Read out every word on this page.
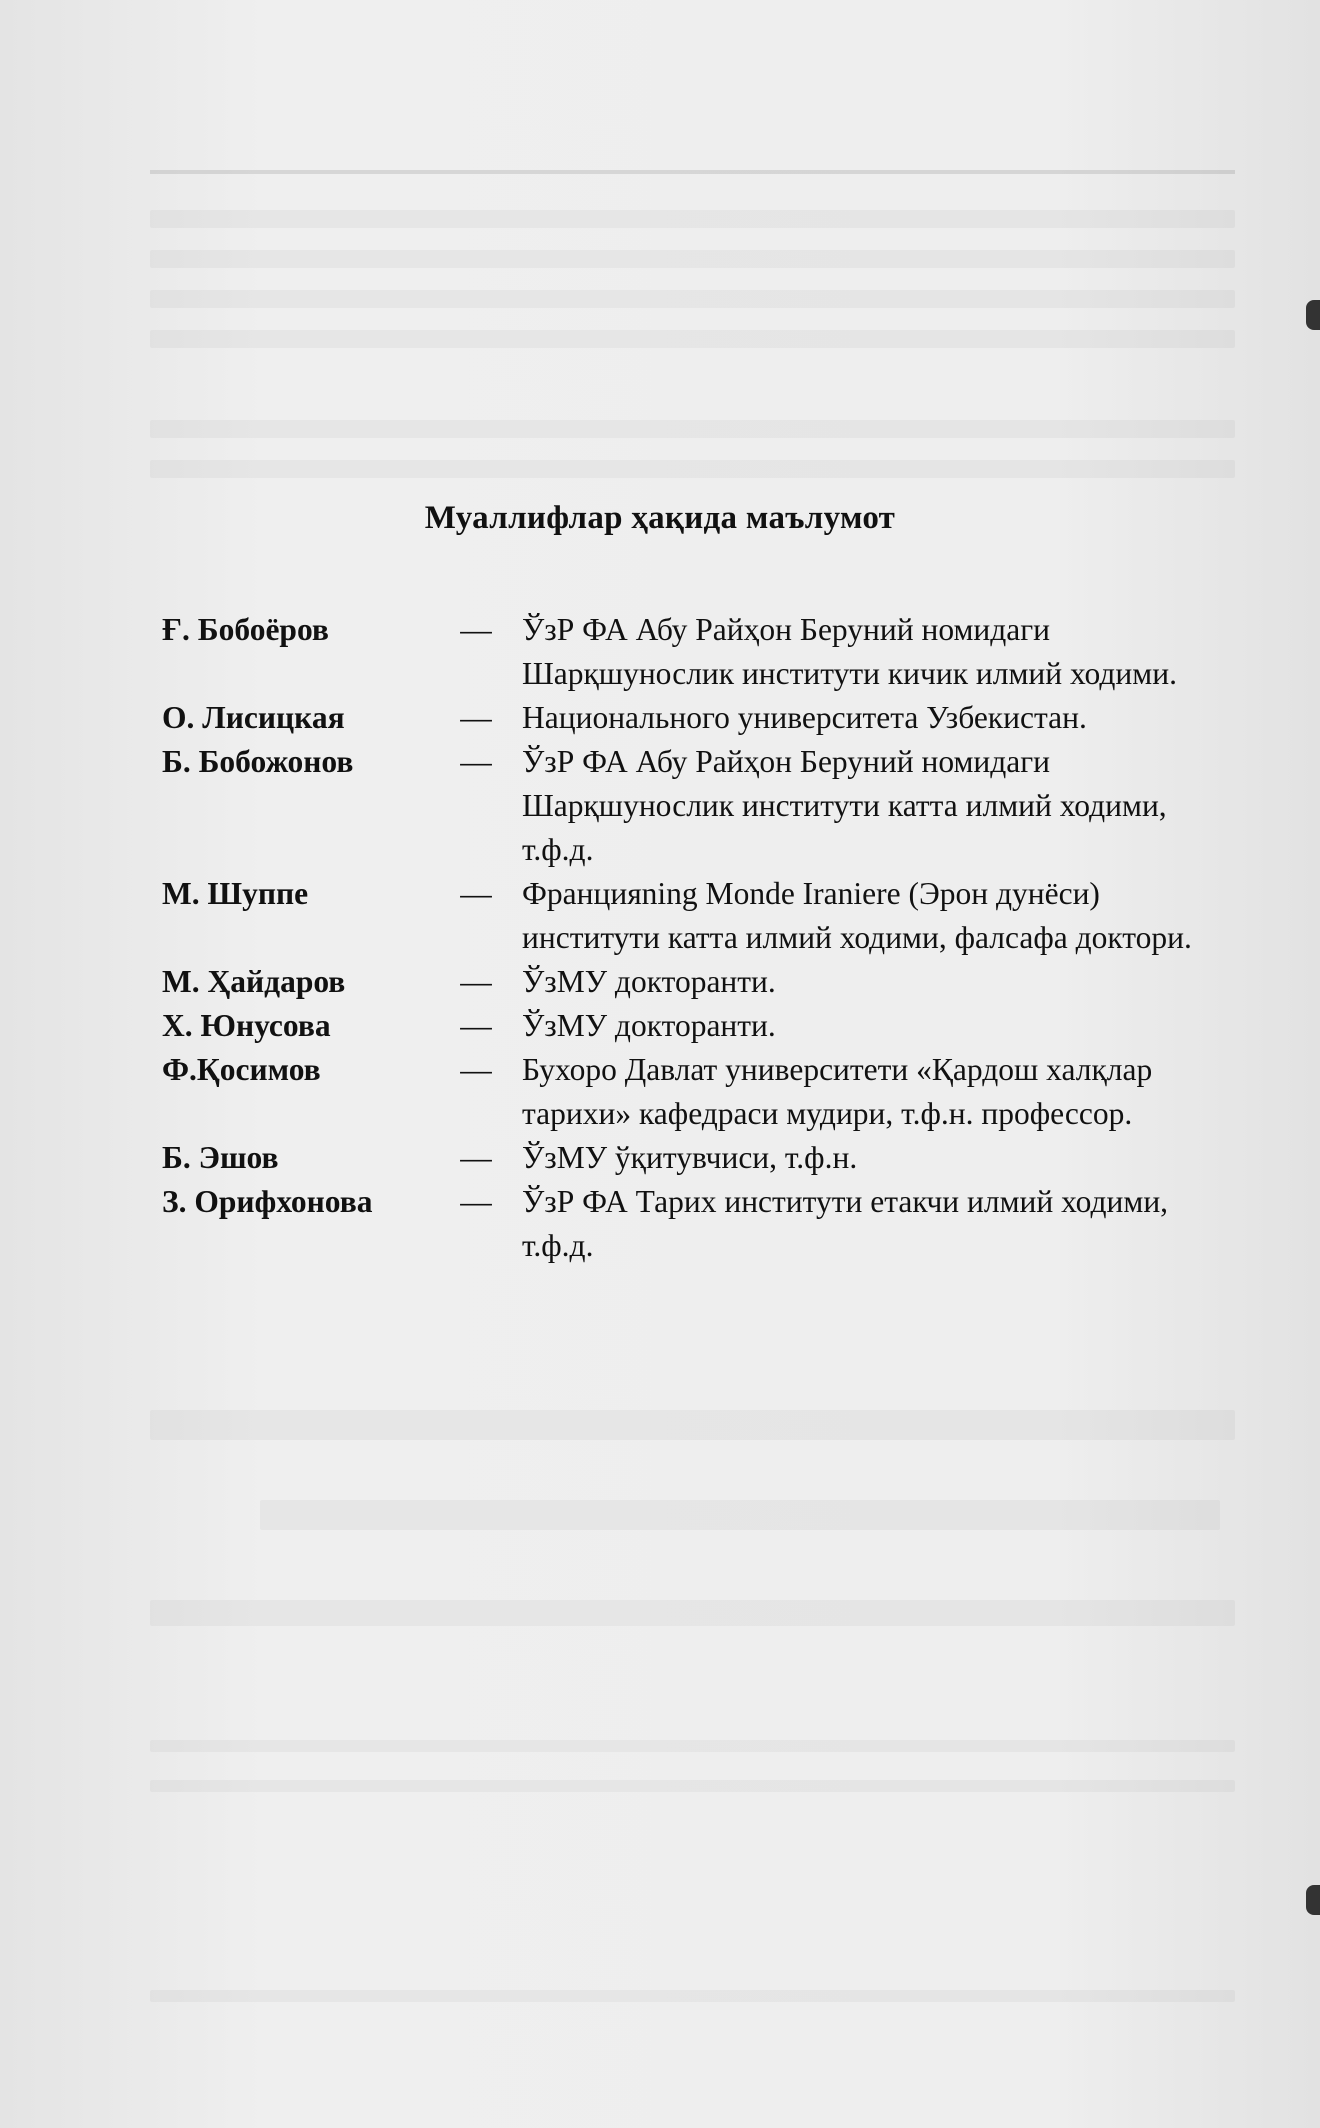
Муаллифлар ҳақида маълумот
Ғ. Бобоёров	— ЎзР ФА Абу Райҳон Беруний номидаги Шарқшунослик институти кичик илмий ходими.
О. Лисицкая	— Национального университета Узбекистан.
Б. Бобожонов	— ЎзР ФА Абу Райҳон Беруний номидаги Шарқшунослик институти катта илмий ходими, т.ф.д.
М. Шуппе	— Францияning Monde Iraniere (Эрон дунёси) институти катта илмий ходими, фалсафа доктори.
М. Ҳайдаров	— ЎзМУ докторанти.
Х. Юнусова	— ЎзМУ докторанти.
Ф.Қосимов	— Бухоро Давлат университети «Қардош халқлар тарихи» кафедраси мудири, т.ф.н. профессор.
Б. Эшов	— ЎзМУ ўқитувчиси, т.ф.н.
З. Орифхонова	— ЎзР ФА Тарих институти етакчи илмий ходими, т.ф.д.
